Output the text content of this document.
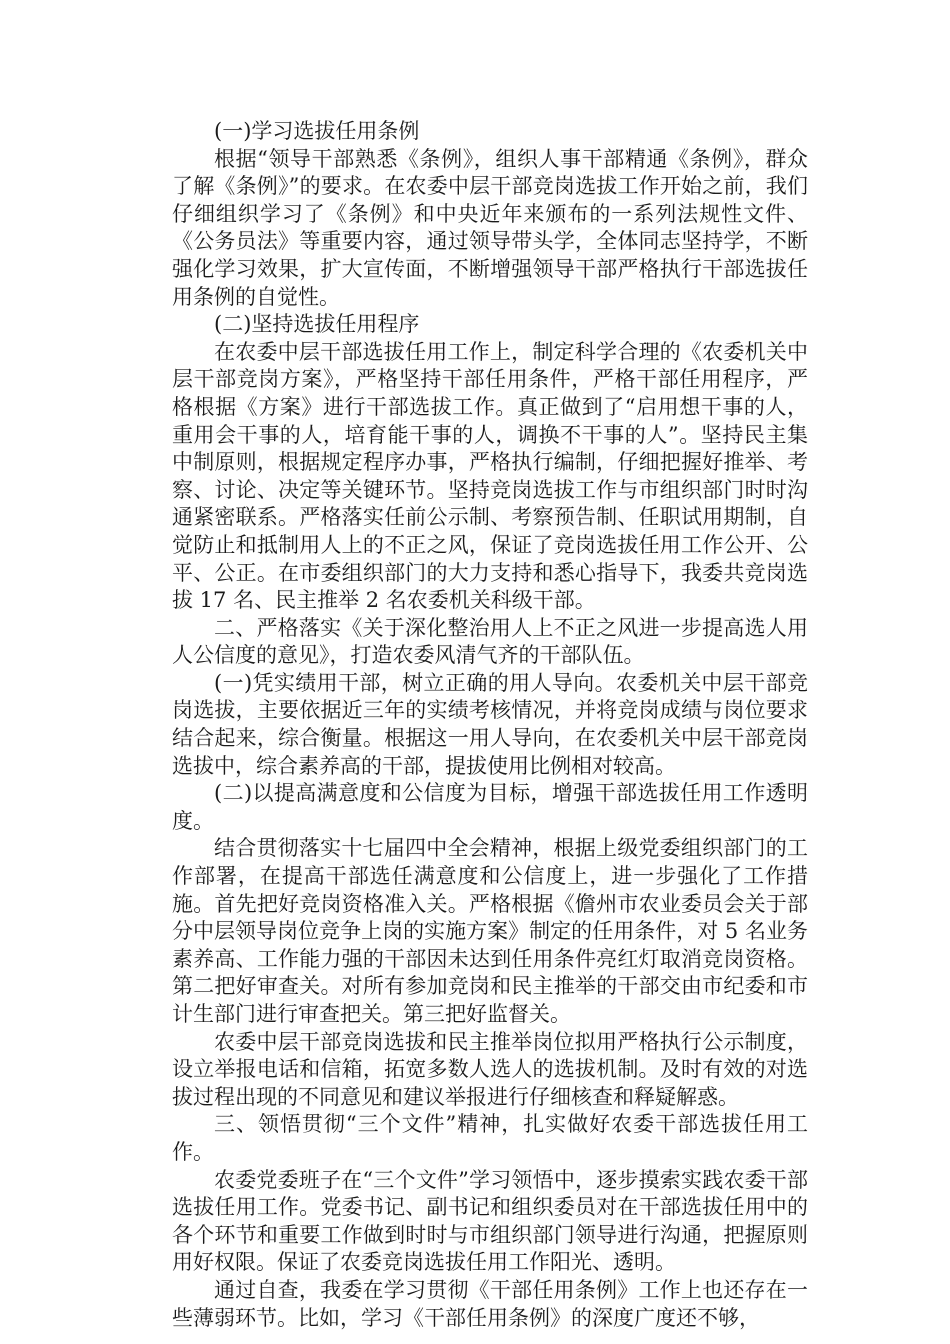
(一)学习选拔任用条例

根据“领导干部熟悉《条例》，组织人事干部精通《条例》，群众了解《条例》”的要求。在农委中层干部竞岗选拔工作开始之前，我们仔细组织学习了《条例》和中央近年来颁布的一系列法规性文件、《公务员法》等重要内容，通过领导带头学，全体同志坚持学，不断强化学习效果，扩大宣传面，不断增强领导干部严格执行干部选拔任用条例的自觉性。

(二)坚持选拔任用程序

在农委中层干部选拔任用工作上，制定科学合理的《农委机关中层干部竞岗方案》，严格坚持干部任用条件，严格干部任用程序，严格根据《方案》进行干部选拔工作。真正做到了“启用想干事的人，重用会干事的人，培育能干事的人，调换不干事的人”。坚持民主集中制原则，根据规定程序办事，严格执行编制，仔细把握好推举、考察、讨论、决定等关键环节。坚持竞岗选拔工作与市组织部门时时沟通紧密联系。严格落实任前公示制、考察预告制、任职试用期制，自觉防止和抵制用人上的不正之风，保证了竞岗选拔任用工作公开、公平、公正。在市委组织部门的大力支持和悉心指导下，我委共竞岗选拔 17 名、民主推举 2 名农委机关科级干部。

二、严格落实《关于深化整治用人上不正之风进一步提高选人用人公信度的意见》，打造农委风清气齐的干部队伍。

(一)凭实绩用干部，树立正确的用人导向。农委机关中层干部竞岗选拔，主要依据近三年的实绩考核情况，并将竞岗成绩与岗位要求结合起来，综合衡量。根据这一用人导向，在农委机关中层干部竞岗选拔中，综合素养高的干部，提拔使用比例相对较高。

(二)以提高满意度和公信度为目标，增强干部选拔任用工作透明度。

结合贯彻落实十七届四中全会精神，根据上级党委组织部门的工作部署，在提高干部选任满意度和公信度上，进一步强化了工作措施。首先把好竞岗资格准入关。严格根据《儋州市农业委员会关于部分中层领导岗位竞争上岗的实施方案》制定的任用条件，对 5 名业务素养高、工作能力强的干部因未达到任用条件亮红灯取消竞岗资格。第二把好审查关。对所有参加竞岗和民主推举的干部交由市纪委和市计生部门进行审查把关。第三把好监督关。

农委中层干部竞岗选拔和民主推举岗位拟用严格执行公示制度，设立举报电话和信箱，拓宽多数人选人的选拔机制。及时有效的对选拔过程出现的不同意见和建议举报进行仔细核查和释疑解惑。

三、领悟贯彻“三个文件”精神，扎实做好农委干部选拔任用工作。

农委党委班子在“三个文件”学习领悟中，逐步摸索实践农委干部选拔任用工作。党委书记、副书记和组织委员对在干部选拔任用中的各个环节和重要工作做到时时与市组织部门领导进行沟通，把握原则用好权限。保证了农委竞岗选拔任用工作阳光、透明。

通过自查，我委在学习贯彻《干部任用条例》工作上也还存在一些薄弱环节。比如，学习《干部任用条例》的深度广度还不够，
